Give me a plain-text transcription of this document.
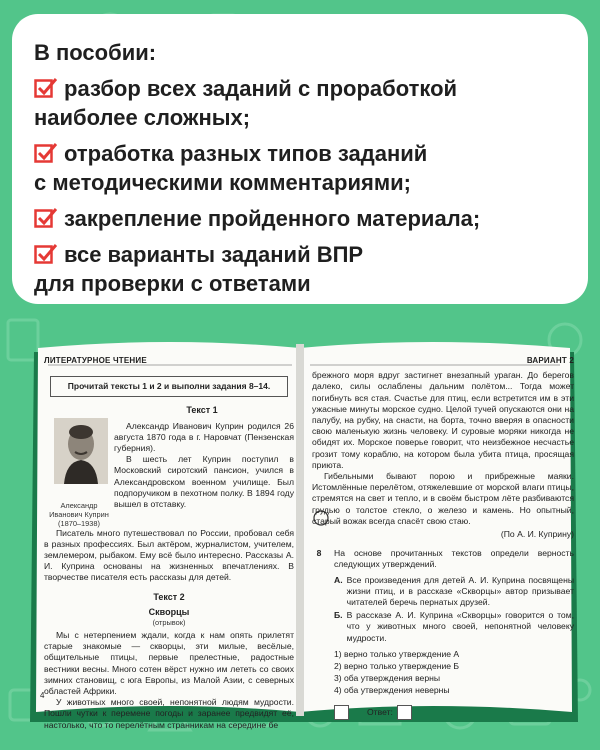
В пособии:
разбор всех заданий с проработкой
наиболее сложных;
отработка разных типов заданий
с методическими комментариями;
закрепление пройденного материала;
все варианты заданий ВПР
для проверки с ответами
ЛИТЕРАТУРНОЕ ЧТЕНИЕ
Прочитай тексты 1 и 2 и выполни задания 8–14.
Текст 1
Александр
Иванович Куприн
(1870–1938)
Александр Иванович Куприн родился 26 августа 1870 года в г. Наровчат (Пензенская губерния).
В шесть лет Куприн поступил в Московский сиротский пансион, учился в Александровском военном училище. Был подпоручиком в пехотном полку. В 1894 году вышел в отставку.
Писатель много путешествовал по России, пробовал себя в разных профессиях. Был актёром, журналистом, учителем, землемером, рыбаком. Ему всё было интересно. Рассказы А. И. Куприна основаны на жизненных впечатлениях. В творчестве писателя есть рассказы для детей.
Текст 2
Скворцы
(отрывок)
Мы с нетерпением ждали, когда к нам опять прилетят старые знакомые — скворцы, эти милые, весёлые, общительные птицы, первые прелестные, радостные вестники весны. Много сотен вёрст нужно им лететь со своих зимних становищ, с юга Европы, из Малой Азии, с северных областей Африки.
У животных много своей, непонятной людям мудрости. Пошли чутки к перемене погоды и заранее предвидят её, настолько, что то перелётным странникам на середине бе
4
ВАРИАНТ 2
брежного моря вдруг застигнет внезапный ураган. До берегов далеко, силы ослаблены дальним полётом... Тогда может погибнуть вся стая. Счастье для птиц, если встретится им в эти ужасные минуты морское судно. Целой тучей опускаются они на палубу, на рубку, на снасти, на борта, точно вверяя в опасности свою маленькую жизнь человеку. И суровые моряки никогда не обидят их. Морское поверье говорит, что неизбежное несчастье грозит тому кораблю, на котором была убита птица, просящая приюта.
Гибельными бывают порою и прибрежные маяки. Истомлённые перелётом, отяжелевшие от морской влаги птицы, стремятся на свет и тепло, и в своём быстром лёте разбиваются грудью о толстое стекло, о железо и камень. Но опытный, старый вожак всегда спасёт свою стаю.
(По А. И. Куприну)
8	На основе прочитанных текстов определи верность следующих утверждений.
А. Все произведения для детей А. И. Куприна посвящены жизни птиц, и в рассказе «Скворцы» автор призывает читателей беречь пернатых друзей.
Б. В рассказе А. И. Куприна «Скворцы» говорится о том, что у животных много своей, непонятной человеку мудрости.
1) верно только утверждение А
2) верно только утверждение Б
3) оба утверждения верны
4) оба утверждения неверны
Ответ:
